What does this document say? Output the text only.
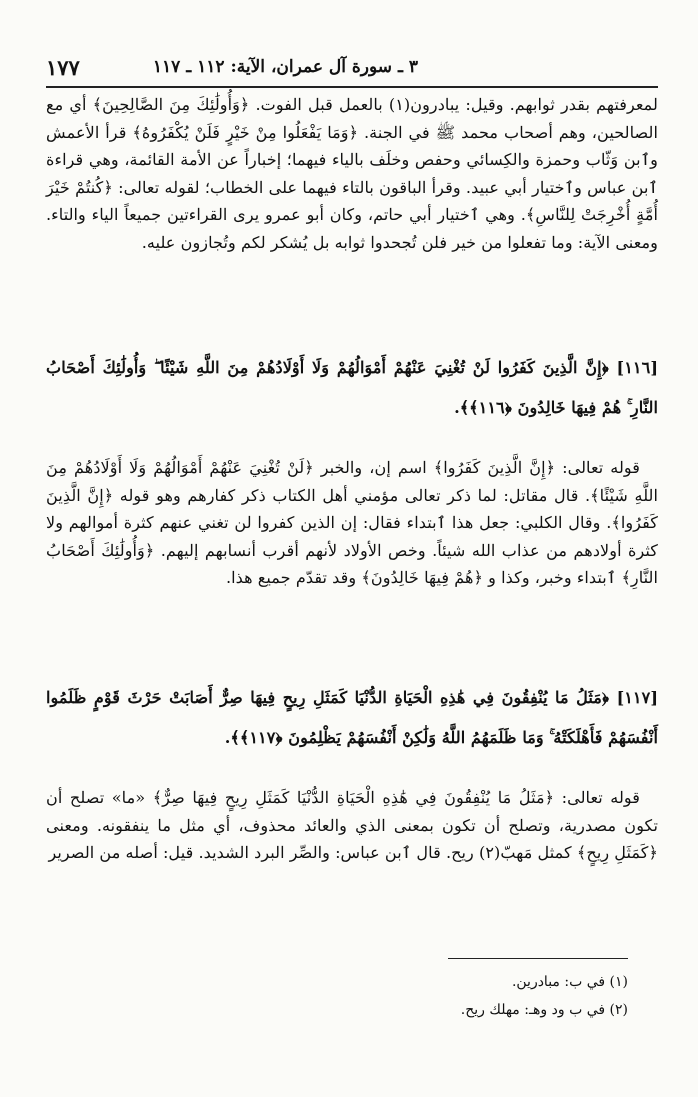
٣ ـ سورة آل عمران، الآية: ١١٢ ـ ١١٧
١٧٧
لمعرفتهم بقدر ثوابهم. وقيل: يبادرون(١) بالعمل قبل الفوت. ﴿وَأُولَٰئِكَ مِنَ الصَّالِحِينَ﴾ أي مع الصالحين، وهم أصحاب محمد ﷺ في الجنة. ﴿وَمَا يَفْعَلُوا مِنْ خَيْرٍ فَلَنْ يُكْفَرُوهُ﴾ قرأ الأعمش وٱبن وَثّاب وحمزة والكِسائي وحفص وخلَف بالياء فيهما؛ إخباراً عن الأمة القائمة، وهي قراءة ٱبن عباس وٱختيار أبي عبيد. وقرأ الباقون بالتاء فيهما على الخطاب؛ لقوله تعالى: ﴿كُنتُمْ خَيْرَ أُمَّةٍ أُخْرِجَتْ لِلنَّاسِ﴾. وهي ٱختيار أبي حاتم، وكان أبو عمرو يرى القراءتين جميعاً الياء والتاء. ومعنى الآية: وما تفعلوا من خير فلن تُجحدوا ثوابه بل يُشكر لكم وتُجازون عليه.
[١١٦] ﴿إِنَّ الَّذِينَ كَفَرُوا لَنْ تُغْنِيَ عَنْهُمْ أَمْوَالُهُمْ وَلَا أَوْلَادُهُمْ مِنَ اللَّهِ شَيْئًا ۖ وَأُولَٰئِكَ أَصْحَابُ النَّارِ ۚ هُمْ فِيهَا خَالِدُونَ ﴿١١٦﴾﴾.
قوله تعالى: ﴿إِنَّ الَّذِينَ كَفَرُوا﴾ اسم إن، والخبر ﴿لَنْ تُغْنِيَ عَنْهُمْ أَمْوَالُهُمْ وَلَا أَوْلَادُهُمْ مِنَ اللَّهِ شَيْئًا﴾. قال مقاتل: لما ذكر تعالى مؤمني أهل الكتاب ذكر كفارهم وهو قوله ﴿إِنَّ الَّذِينَ كَفَرُوا﴾. وقال الكلبي: جعل هذا ٱبتداء فقال: إن الذين كفروا لن تغني عنهم كثرة أموالهم ولا كثرة أولادهم من عذاب الله شيئاً. وخص الأولاد لأنهم أقرب أنسابهم إليهم. ﴿وَأُولَٰئِكَ أَصْحَابُ النَّارِ﴾ ٱبتداء وخبر، وكذا و ﴿هُمْ فِيهَا خَالِدُونَ﴾ وقد تقدّم جميع هذا.
[١١٧] ﴿مَثَلُ مَا يُنْفِقُونَ فِي هَٰذِهِ الْحَيَاةِ الدُّنْيَا كَمَثَلِ رِيحٍ فِيهَا صِرٌّ أَصَابَتْ حَرْثَ قَوْمٍ ظَلَمُوا أَنْفُسَهُمْ فَأَهْلَكَتْهُ ۚ وَمَا ظَلَمَهُمُ اللَّهُ وَلَٰكِنْ أَنْفُسَهُمْ يَظْلِمُونَ ﴿١١٧﴾﴾.
قوله تعالى: ﴿مَثَلُ مَا يُنْفِقُونَ فِي هَٰذِهِ الْحَيَاةِ الدُّنْيَا كَمَثَلِ رِيحٍ فِيهَا صِرٌّ﴾ «ما» تصلح أن تكون مصدرية، وتصلح أن تكون بمعنى الذي والعائد محذوف، أي مثل ما ينفقونه. ومعنى ﴿كَمَثَلِ رِيحٍ﴾ كمثل مَهبّ(٢) ريح. قال ٱبن عباس: والصِّر البرد الشديد. قيل: أصله من الصرير
(١) في ب: مبادرين.
(٢) في ب ود وهـ: مهلك ريح.
